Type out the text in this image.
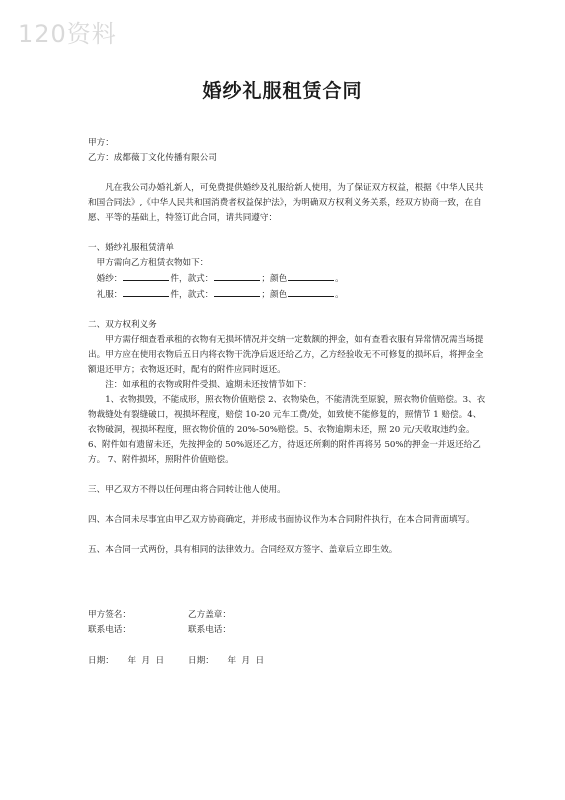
120资料
婚纱礼服租赁合同

甲方：

乙方：成都薇丁文化传播有限公司

凡在我公司办婚礼新人，可免费提供婚纱及礼服给新人使用，为了保证双方权益，根据《中华人民共和国合同法》,《中华人民共和国消费者权益保护法》，为明确双方权利义务关系，经双方协商一致，在自愿、平等的基础上，特签订此合同，请共同遵守：

一、婚纱礼服租赁清单

甲方需向乙方租赁衣物如下：

婚纱：	件，款式：	；颜色	。

礼服：	件，款式：	；颜色	。

二、双方权利义务

甲方需仔细查看承租的衣物有无损坏情况并交纳一定数额的押金，如有查看衣服有异常情况需当场提出。甲方应在使用衣物后五日内将衣物干洗净后返还给乙方，乙方经验收无不可修复的损坏后，将押金全额退还甲方；衣物返还时，配有的附件应同时返还。

注：如承租的衣物或附件受损、逾期未还按情节如下：

1、衣物损毁，不能成形，照衣物价值赔偿 2、衣物染色，不能清洗至原貌，照衣物价值赔偿。3、衣物裁缝处有裂缝破口，视损坏程度，赔偿 10-20 元车工费/处，如致使不能修复的，照情节 1 赔偿。4、衣物破洞，视损坏程度，照衣物价值的 20%-50%赔偿。5、衣物逾期未还，照 20 元/天收取违约金。6、附件如有遗留未还，先按押金的 50%返还乙方，待返还所剩的附件再将另 50%的押金一并返还给乙方。 7、附件损坏，照附件价值赔偿。

三、甲乙双方不得以任何理由将合同转让他人使用。

四、本合同未尽事宜由甲乙双方协商确定，并形成书面协议作为本合同附件执行，在本合同背面填写。

五、本合同一式两份，具有相同的法律效力。合同经双方签字、盖章后立即生效。

甲方签名：	乙方盖章：
联系电话：	联系电话：
日期：     年  月  日	日期：     年  月  日
